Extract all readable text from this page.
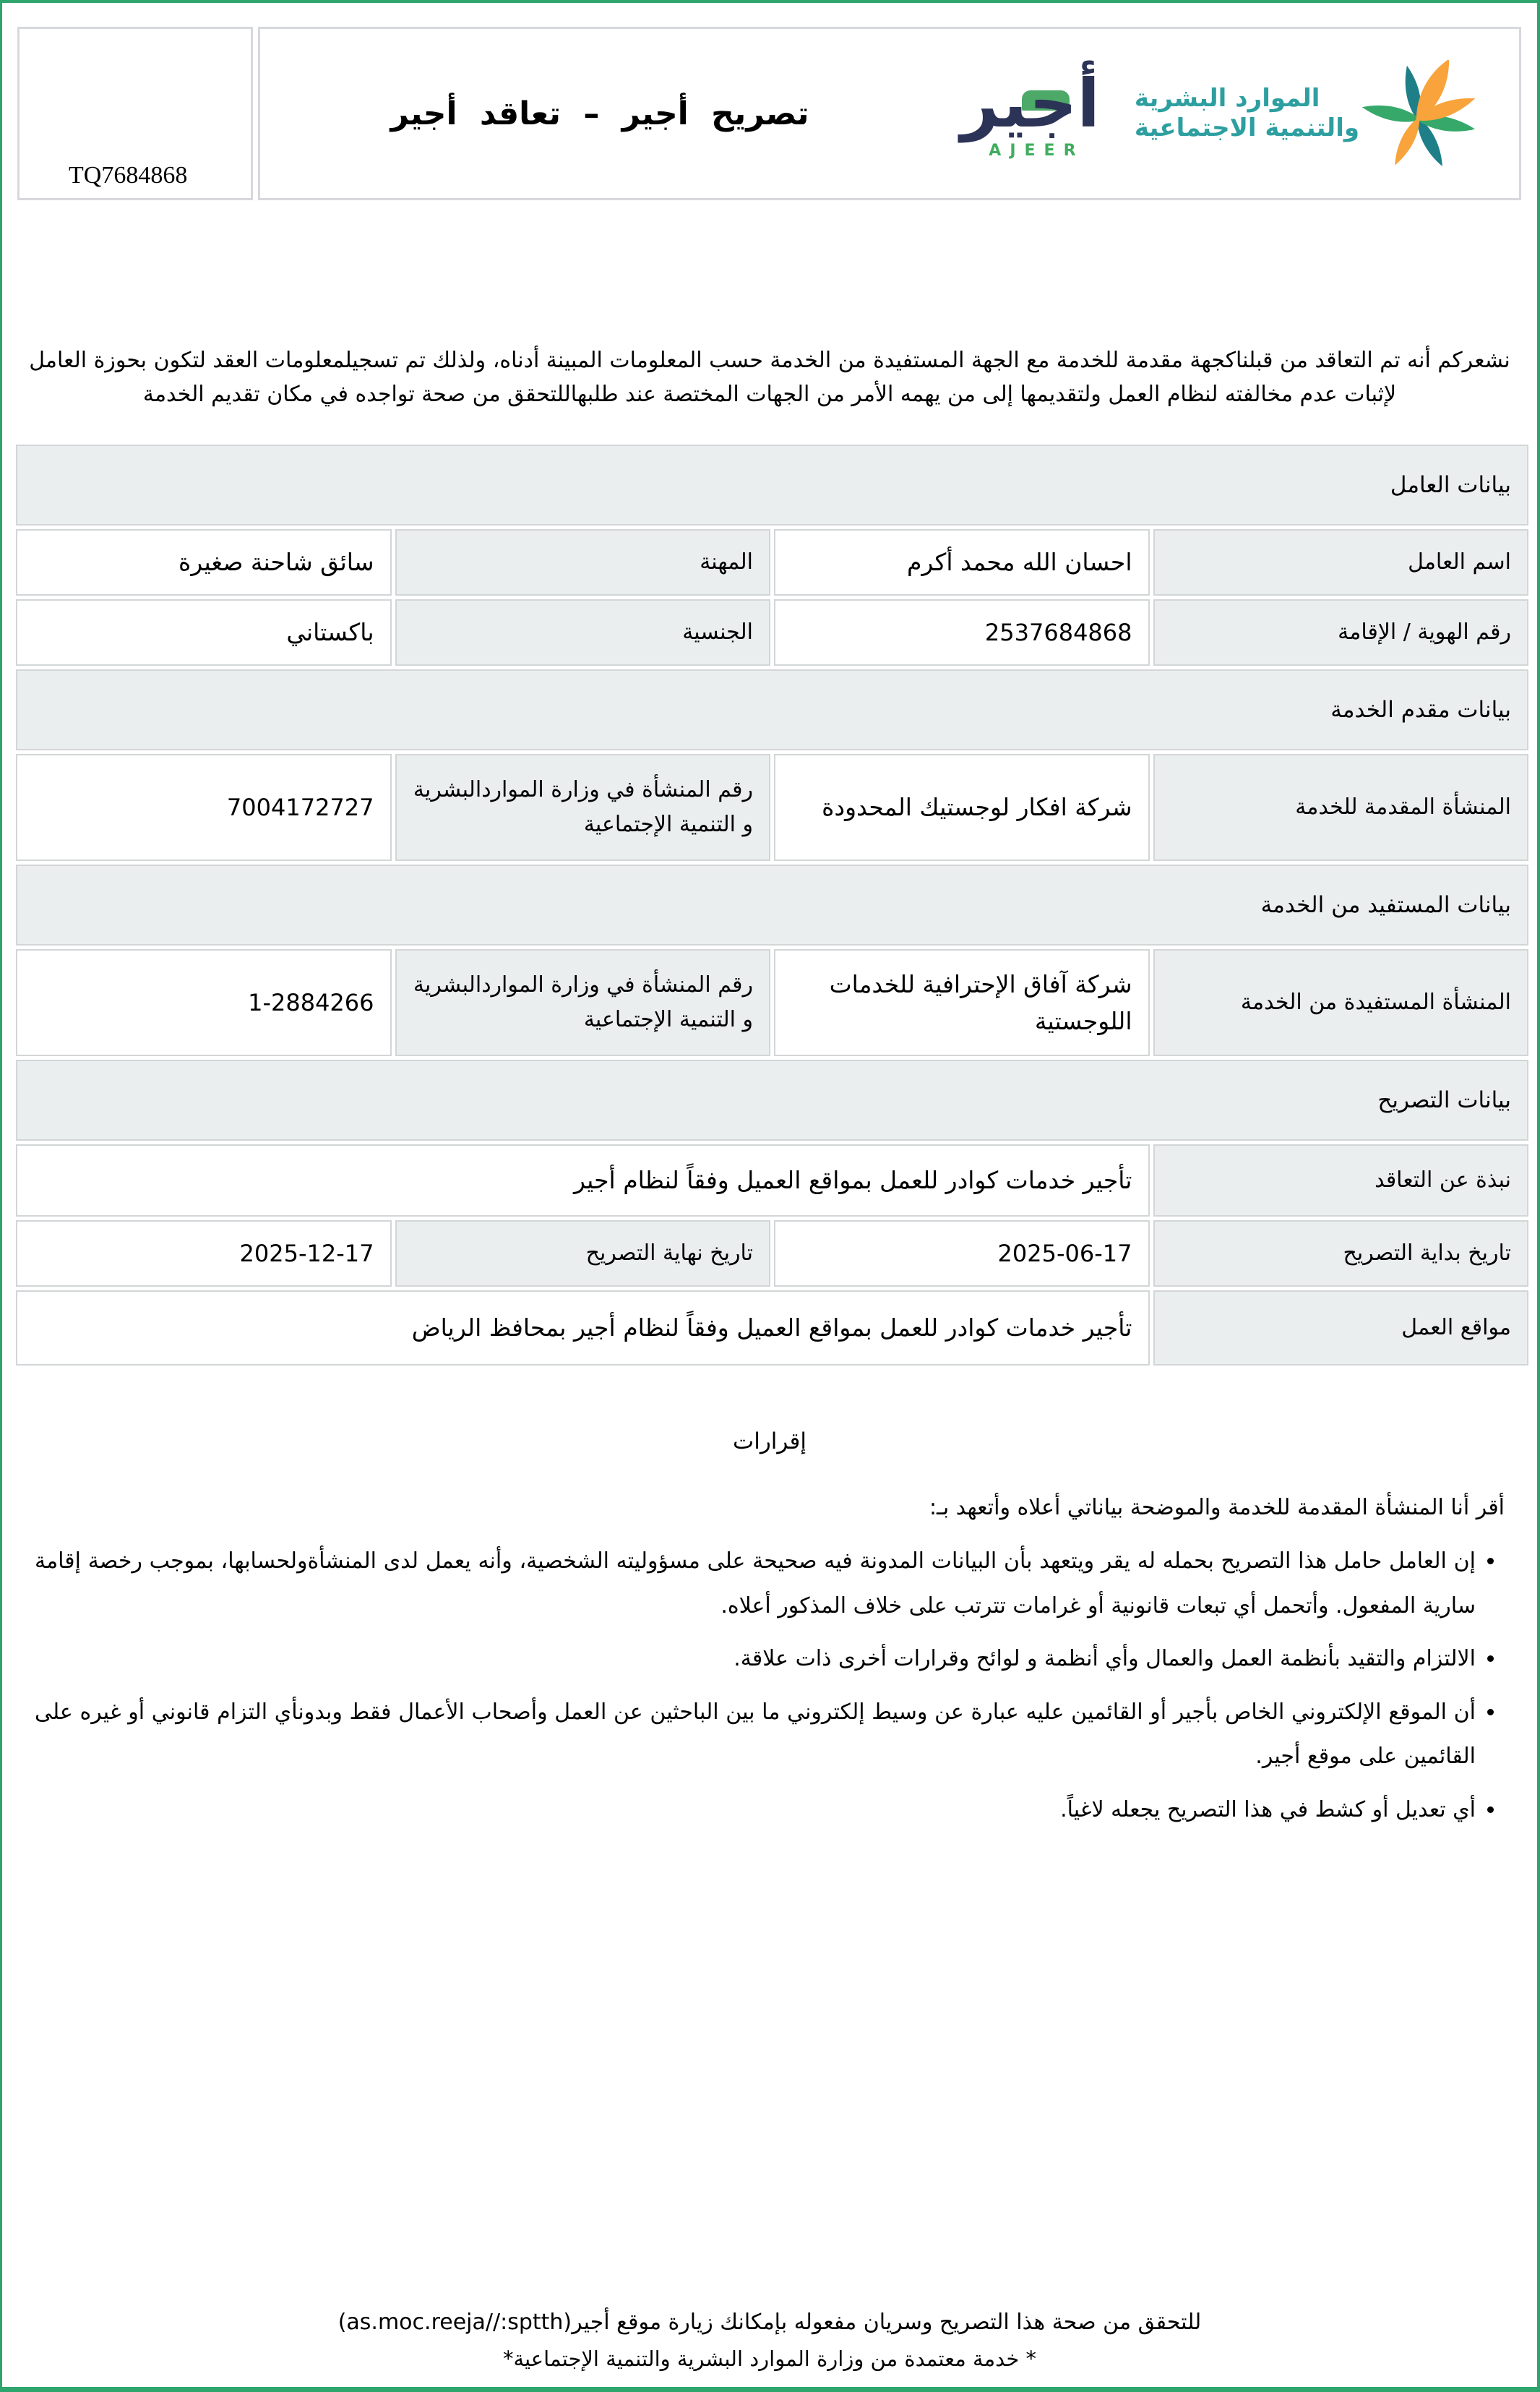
TQ7684868
تصريح أجير – تعاقد أجير	الموارد البشرية
والتنمية الاجتماعية
أجير
AJEER
نشعركم أنه تم التعاقد من قبلناكجهة مقدمة للخدمة مع الجهة المستفيدة من الخدمة حسب المعلومات المبينة أدناه، ولذلك تم تسجيلمعلومات العقد لتكون بحوزة العامل لإثبات عدم مخالفته لنظام العمل ولتقديمها إلى من يهمه الأمر من الجهات المختصة عند طلبهاللتحقق من صحة تواجده في مكان تقديم الخدمة
بيانات العامل			
اسم العامل	احسان الله محمد أكرم	المهنة	سائق شاحنة صغيرة
رقم الهوية / الإقامة	2537684868	الجنسية	باكستاني
بيانات مقدم الخدمة			
المنشأة المقدمة للخدمة	شركة افكار لوجستيك المحدودة	رقم المنشأة في وزارة المواردالبشرية و التنمية الإجتماعية	7004172727
بيانات المستفيد من الخدمة			
المنشأة المستفيدة من الخدمة	شركة آفاق الإحترافية للخدمات اللوجستية	رقم المنشأة في وزارة المواردالبشرية و التنمية الإجتماعية	1-2884266
بيانات التصريح			
نبذة عن التعاقد	تأجير خدمات كوادر للعمل بمواقع العميل وفقاً لنظام أجير		
تاريخ بداية التصريح	2025-06-17	تاريخ نهاية التصريح	2025-12-17
مواقع العمل	تأجير خدمات كوادر للعمل بمواقع العميل وفقاً لنظام أجير بمحافظ الرياض		
إقرارات
أقر أنا المنشأة المقدمة للخدمة والموضحة بياناتي أعلاه وأتعهد بـ:
• إن العامل حامل هذا التصريح بحمله له يقر ويتعهد بأن البيانات المدونة فيه صحيحة على مسؤوليته الشخصية، وأنه يعمل لدى المنشأةولحسابها، بموجب رخصة إقامة سارية المفعول. وأتحمل أي تبعات قانونية أو غرامات تترتب على خلاف المذكور أعلاه.
• الالتزام والتقيد بأنظمة العمل والعمال وأي أنظمة و لوائح وقرارات أخرى ذات علاقة.
• أن الموقع الإلكتروني الخاص بأجير أو القائمين عليه عبارة عن وسيط إلكتروني ما بين الباحثين عن العمل وأصحاب الأعمال فقط وبدونأي التزام قانوني أو غيره على القائمين على موقع أجير.
• أي تعديل أو كشط في هذا التصريح يجعله لاغياً.
للتحقق من صحة هذا التصريح وسريان مفعوله بإمكانك زيارة موقع أجير(as.moc.reeja//:sptth)
* خدمة معتمدة من وزارة الموارد البشرية والتنمية الإجتماعية*
